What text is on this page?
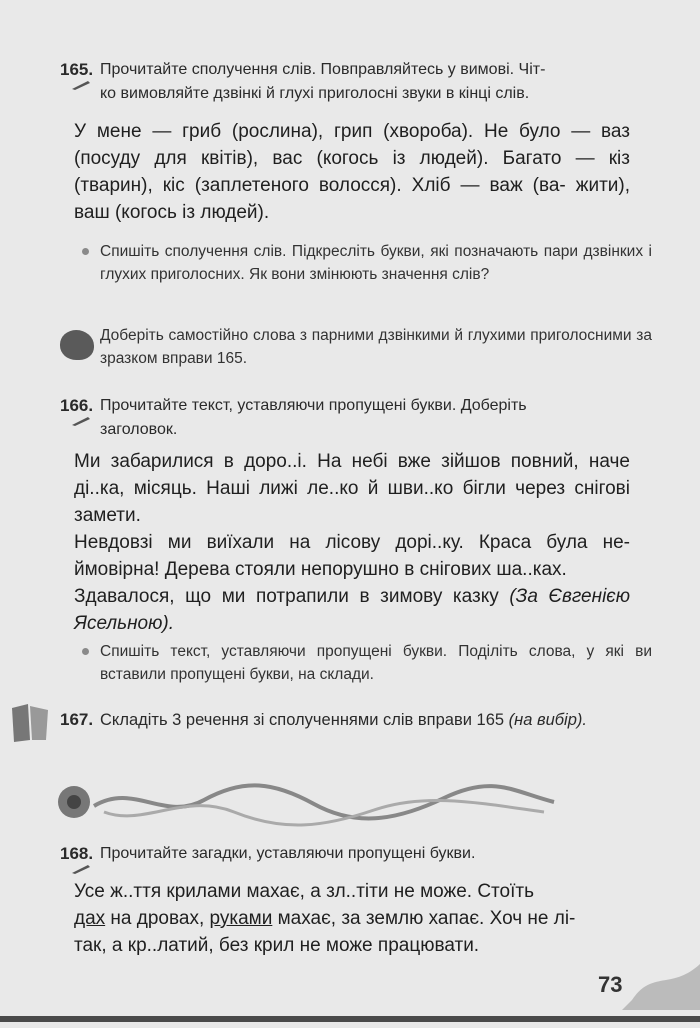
165. Прочитайте сполучення слів. Повправляйтесь у вимові. Чіт-
ко вимовляйте дзвінкі й глухі приголосні звуки в кінці слів.
У мене — гриб (рослина), грип (хвороба). Не було — ваз (посуду для квітів), вас (когось із людей). Багато — кіз (тварин), кіс (заплетеного волосся). Хліб — важ (ва- жити), ваш (когось із людей).
Спишіть сполучення слів. Підкресліть букви, які позначають пари дзвінких і глухих приголосних. Як вони змінюють значення слів?
Доберіть самостійно слова з парними дзвінкими й глухими приголосними за зразком вправи 165.
166. Прочитайте текст, уставляючи пропущені букви. Доберіть
заголовок.

Ми забарилися в доро..і. На небі вже зійшов повний, наче ді..ка, місяць. Наші лижі ле..ко й шви..ко бігли через снігові замети.

Невдовзі ми виїхали на лісову дорі..ку. Краса була не- ймовірна! Дерева стояли непорушно в снігових ша..ках.

Здавалося, що ми потрапили в зимову казку (За Євгенією Ясельною).

Спишіть текст, уставляючи пропущені букви. Поділіть слова, у які ви вставили пропущені букви, на склади.
167. Складіть 3 речення зі сполученнями слів вправи 165 (на вибір).
168. Прочитайте загадки, уставляючи пропущені букви.
Усе ж..ття крилами махає, а зл..тіти не може. Стоїть
дах на дровах, руками махає, за землю хапає. Хоч не лі-
так, а кр..латий, без крил не може працювати.
73
